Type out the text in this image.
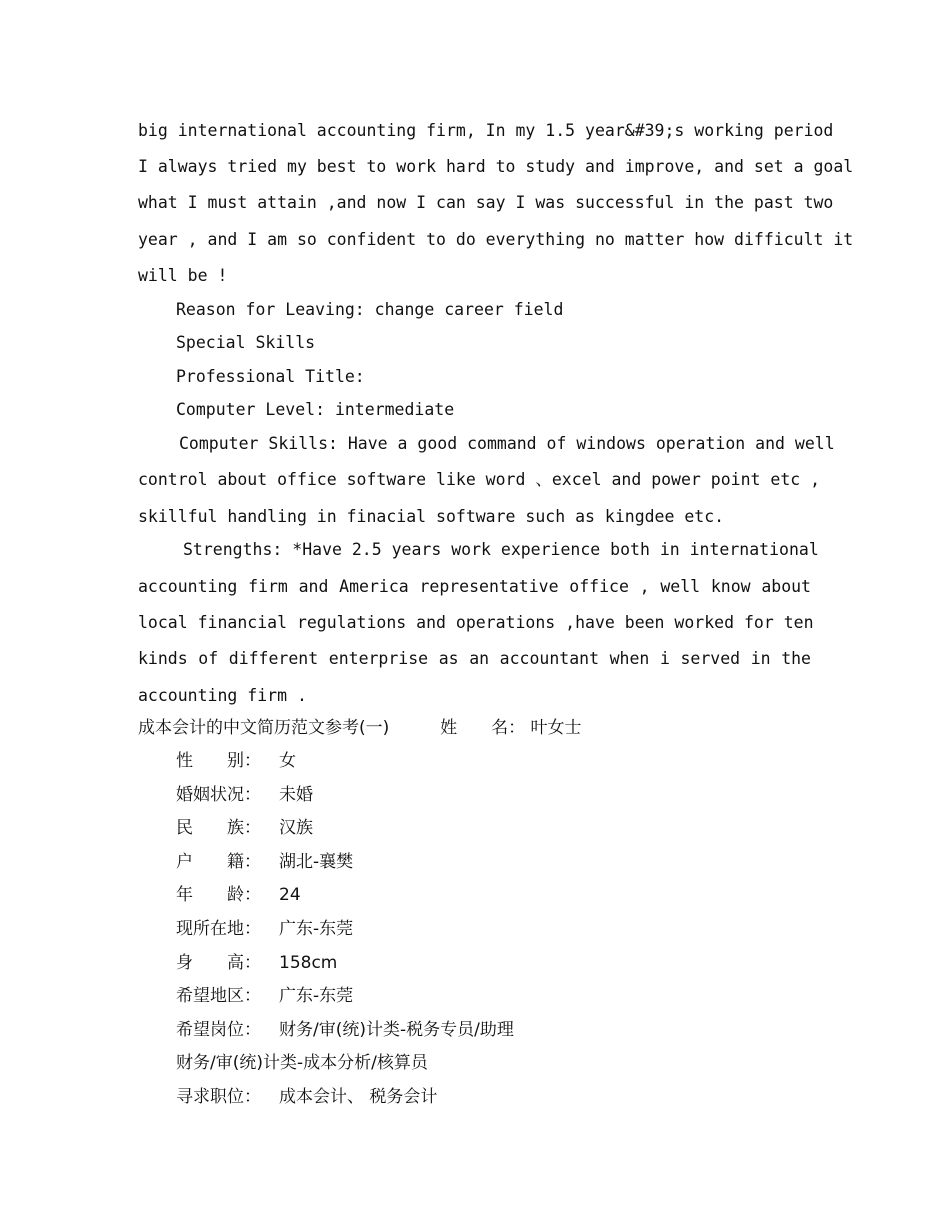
big international accounting firm, In my 1.5 year&#39;s working period
I always tried my best to work hard to study and improve, and set a goal
what I must attain ,and now I can say I was successful in the past two
year , and I am so confident to do everything no matter how difficult it
will be !
Reason for Leaving: change career field
Special Skills
Professional Title:
Computer Level: intermediate
Computer Skills: Have a good command of windows operation and well
control about office software like word 、excel and power point etc ,
skillful handling in finacial software such as kingdee etc.
Strengths: *Have 2.5 years work experience both in international
accounting firm and America representative office , well know about
local financial regulations and operations ,have been worked for ten
kinds of different enterprise as an accountant when i served in the
accounting firm .
成本会计的中文简历范文参考(一)	姓　　名： 叶女士
性　　别： 女
婚姻状况： 未婚
民　　族： 汉族
户　　籍： 湖北-襄樊
年　　龄： 24
现所在地： 广东-东莞
身　　高： 158cm
希望地区： 广东-东莞
希望岗位： 财务/审(统)计类-税务专员/助理
财务/审(统)计类-成本分析/核算员
寻求职位： 成本会计、 税务会计
